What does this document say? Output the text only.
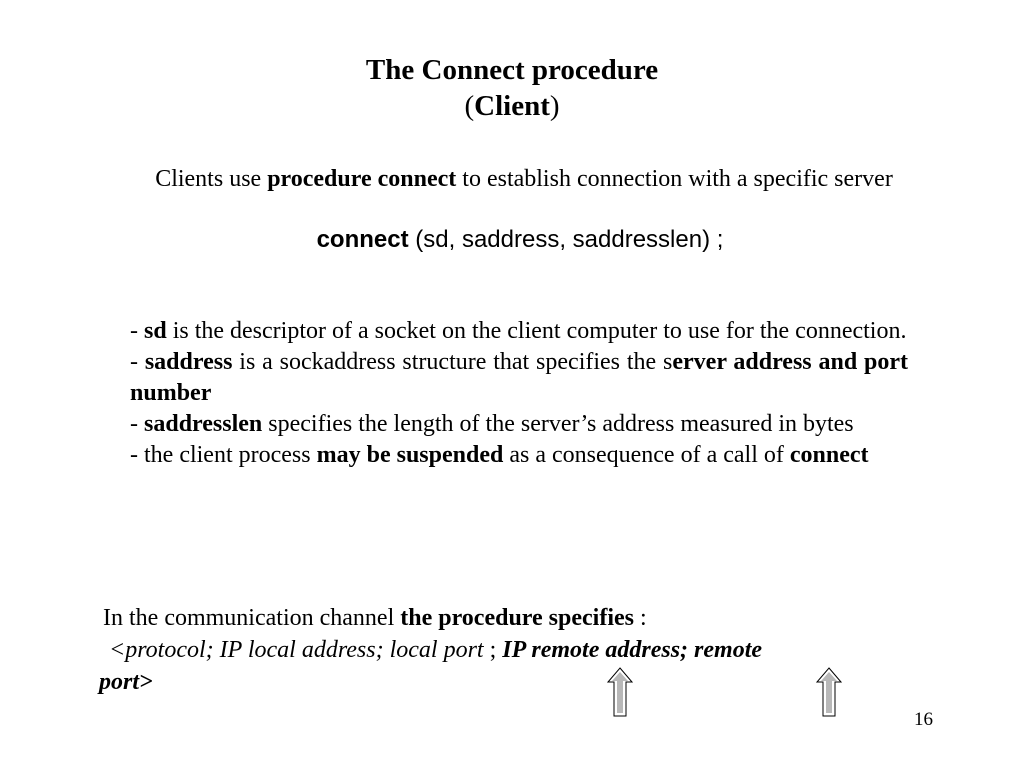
The Connect procedure
(Client)
Clients use procedure connect to establish connection with a specific server
connect (sd, saddress, saddresslen) ;

- sd is the descriptor of a socket on the client computer to use for the connection.

- saddress is a sockaddress structure that specifies the server address and port number

- saddresslen specifies the length of the server’s address measured in bytes

- the client process may be suspended as a consequence of a call of connect

In the communication channel the procedure specifies :
<protocol; IP local address; local port ; IP remote address; remote
port>
16
